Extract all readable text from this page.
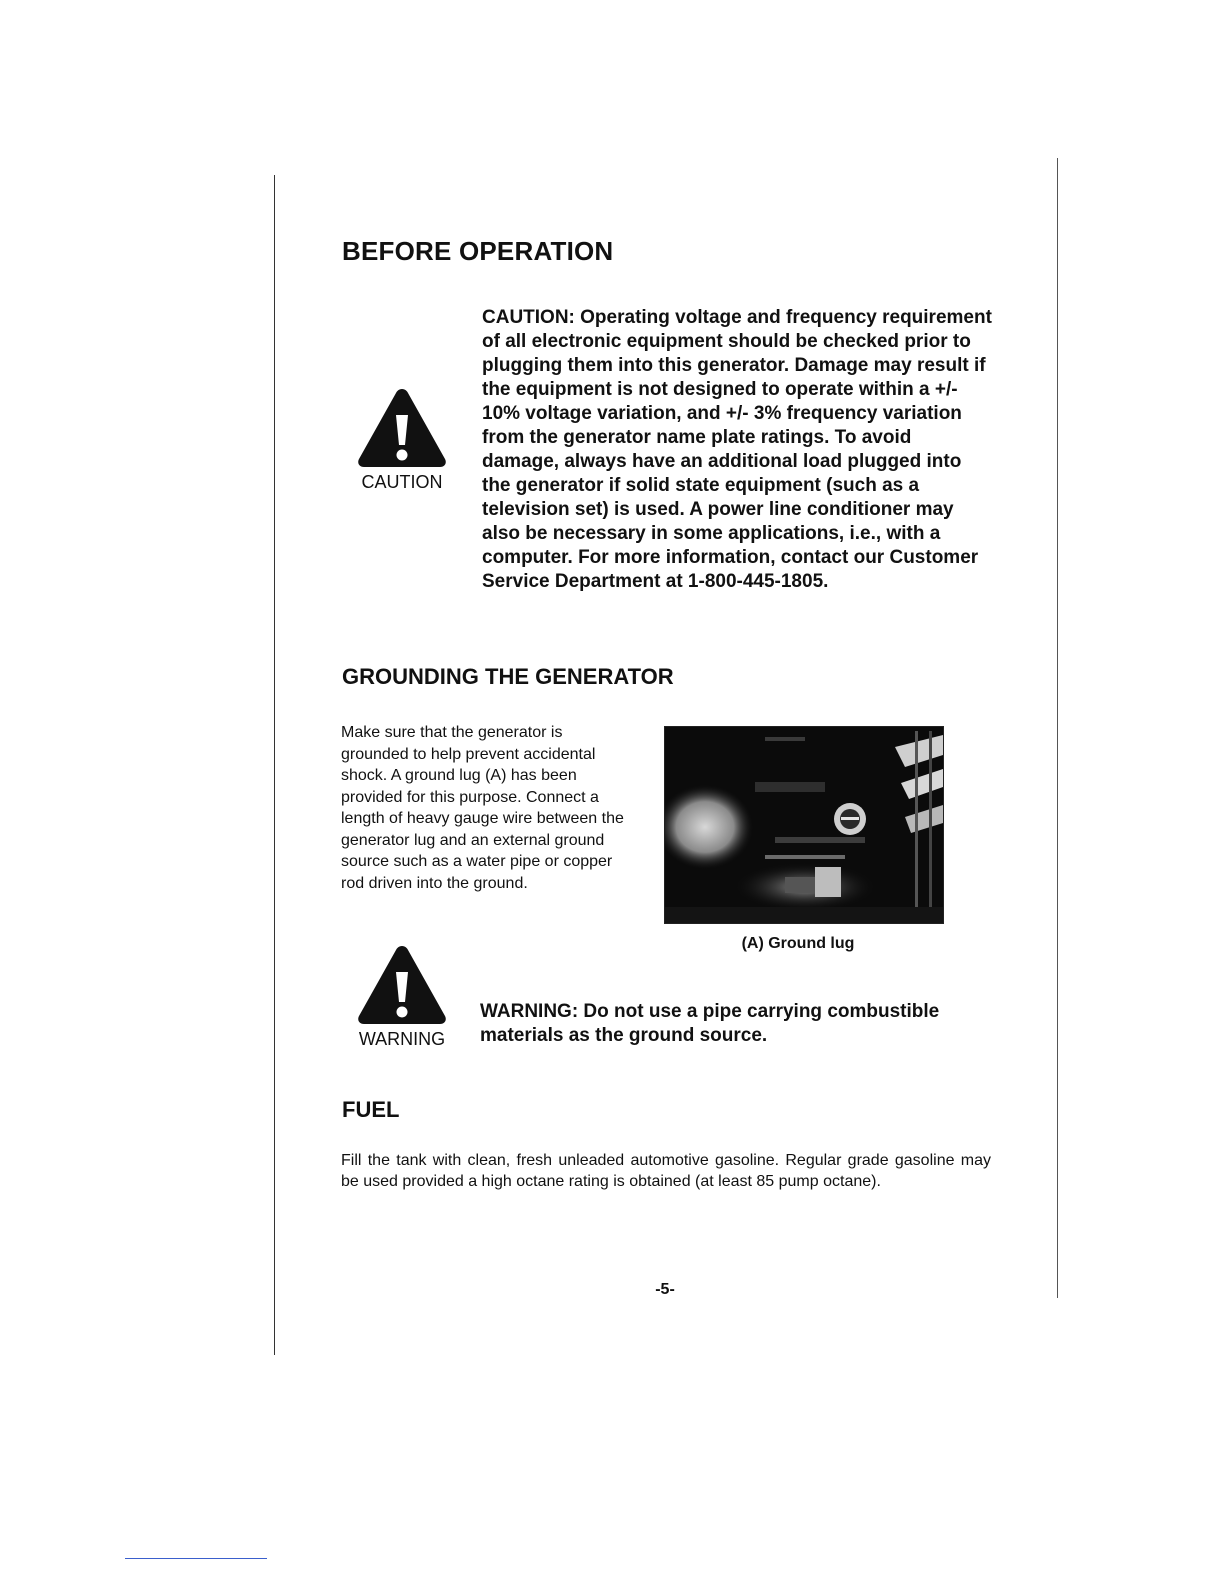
BEFORE OPERATION
CAUTION
CAUTION: Operating voltage and frequency requirement of all electronic equipment should be checked prior to plugging them into this generator. Damage may result if the equipment is not designed to operate within a +/- 10% voltage variation, and +/- 3% frequency variation from the generator name plate ratings. To avoid damage, always have an additional load plugged into the generator if solid state equipment (such as a television set) is used. A power line conditioner may also be necessary in some applications, i.e., with a computer. For more information, contact our Customer Service Department at 1-800-445-1805.
GROUNDING THE GENERATOR
Make sure that the generator is grounded to help prevent accidental shock. A ground lug (A) has been provided for this purpose. Connect a length of heavy gauge wire between the generator lug and an external ground source such as a water pipe or copper rod driven into the ground.
(A) Ground lug
WARNING
WARNING: Do not use a pipe carrying combustible materials as the ground source.
FUEL
Fill the tank with clean, fresh unleaded automotive gasoline. Regular grade gasoline may be used provided a high octane rating is obtained (at least 85 pump octane).
-5-
